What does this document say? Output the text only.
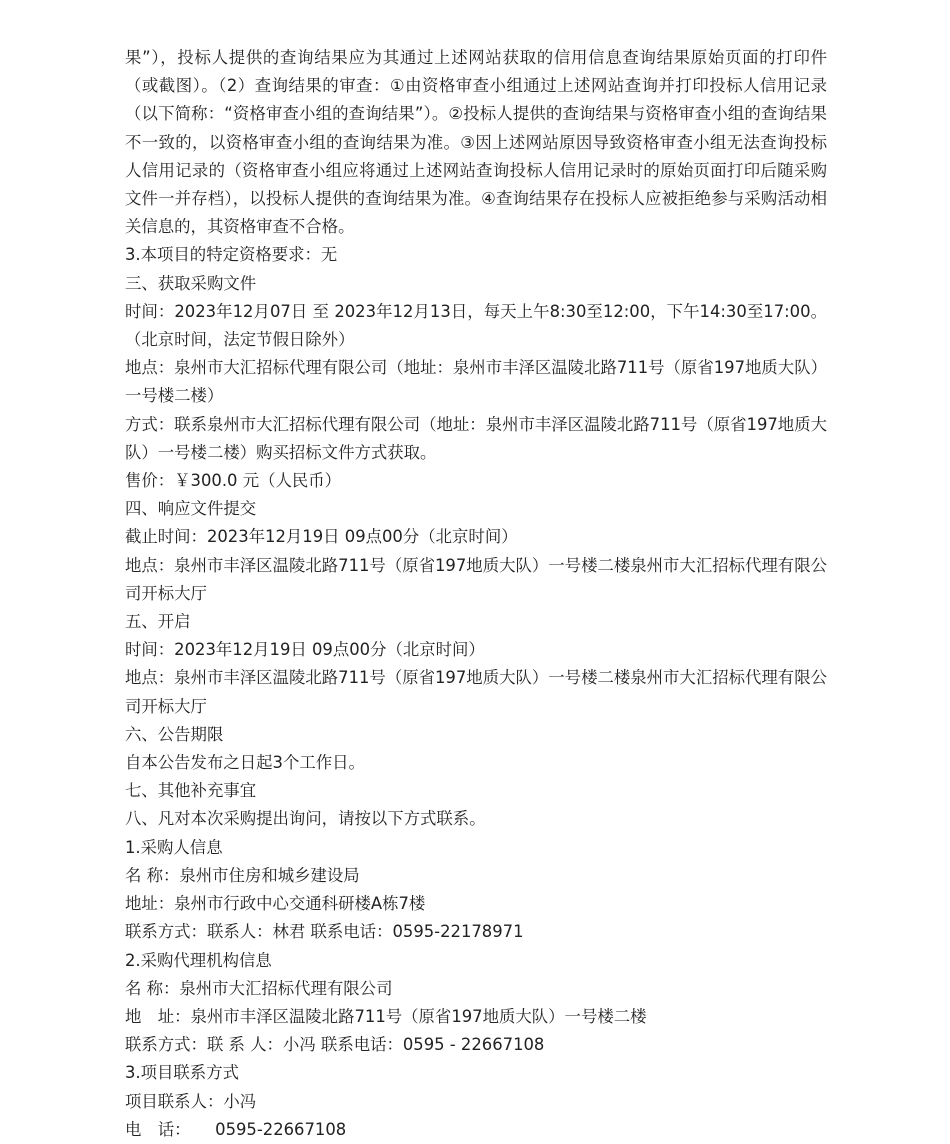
果”），投标人提供的查询结果应为其通过上述网站获取的信用信息查询结果原始页面的打印件（或截图）。（2）查询结果的审查：①由资格审查小组通过上述网站查询并打印投标人信用记录（以下简称：“资格审查小组的查询结果”）。②投标人提供的查询结果与资格审查小组的查询结果不一致的，以资格审查小组的查询结果为准。③因上述网站原因导致资格审查小组无法查询投标人信用记录的（资格审查小组应将通过上述网站查询投标人信用记录时的原始页面打印后随采购文件一并存档），以投标人提供的查询结果为准。④查询结果存在投标人应被拒绝参与采购活动相关信息的，其资格审查不合格。

3.本项目的特定资格要求：无

三、获取采购文件

时间：2023年12月07日 至 2023年12月13日，每天上午8:30至12:00，下午14:30至17:00。（北京时间，法定节假日除外）

地点：泉州市大汇招标代理有限公司（地址：泉州市丰泽区温陵北路711号（原省197地质大队）一号楼二楼）

方式：联系泉州市大汇招标代理有限公司（地址：泉州市丰泽区温陵北路711号（原省197地质大队）一号楼二楼）购买招标文件方式获取。

售价：￥300.0 元（人民币）

四、响应文件提交

截止时间：2023年12月19日 09点00分（北京时间）

地点：泉州市丰泽区温陵北路711号（原省197地质大队）一号楼二楼泉州市大汇招标代理有限公司开标大厅

五、开启

时间：2023年12月19日 09点00分（北京时间）

地点：泉州市丰泽区温陵北路711号（原省197地质大队）一号楼二楼泉州市大汇招标代理有限公司开标大厅

六、公告期限

自本公告发布之日起3个工作日。

七、其他补充事宜

八、凡对本次采购提出询问，请按以下方式联系。

1.采购人信息

名 称：泉州市住房和城乡建设局

地址：泉州市行政中心交通科研楼A栋7楼

联系方式：联系人：林君 联系电话：0595-22178971

2.采购代理机构信息

名 称：泉州市大汇招标代理有限公司

地　址：泉州市丰泽区温陵北路711号（原省197地质大队）一号楼二楼

联系方式：联 系 人：小冯 联系电话：0595 - 22667108

3.项目联系方式

项目联系人：小冯

电　话：　　0595-22667108
